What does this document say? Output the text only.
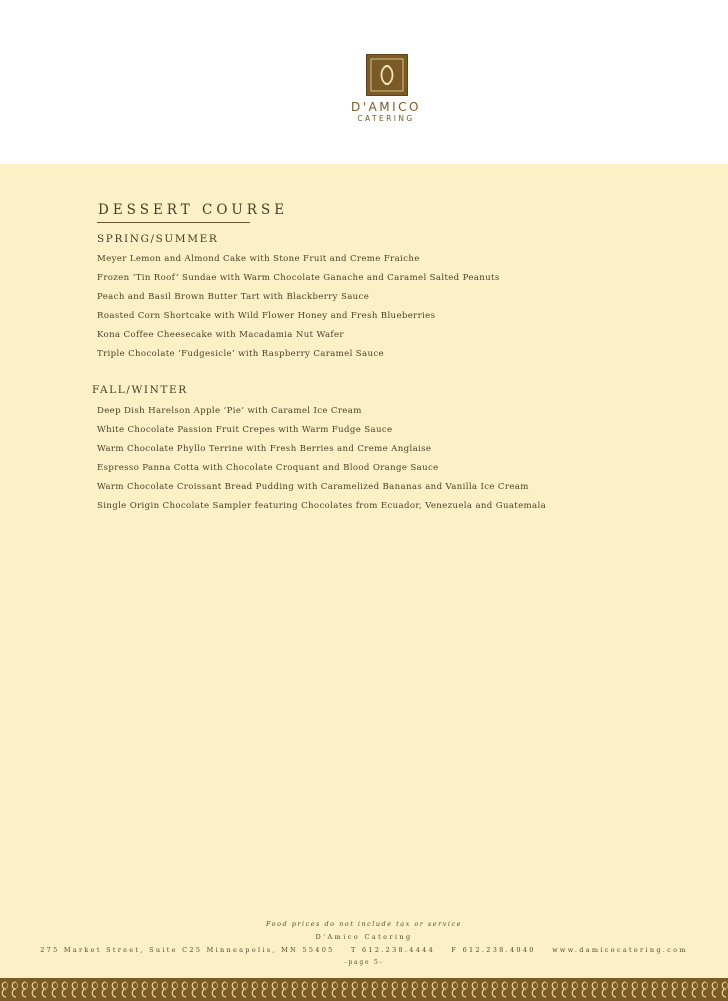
D'AMICO
CATERING
DESSERT COURSE
SPRING/SUMMER
Meyer Lemon and Almond Cake with Stone Fruit and Creme Fraiche
Frozen ‘Tin Roof’ Sundae with Warm Chocolate Ganache and Caramel Salted Peanuts
Peach and Basil Brown Butter Tart with Blackberry Sauce
Roasted Corn Shortcake with Wild Flower Honey and Fresh Blueberries
Kona Coffee Cheesecake with Macadamia Nut Wafer
Triple Chocolate ‘Fudgesicle’ with Raspberry Caramel Sauce
FALL/WINTER
Deep Dish Harelson Apple ‘Pie’ with Caramel Ice Cream
White Chocolate Passion Fruit Crepes with Warm Fudge Sauce
Warm Chocolate Phyllo Terrine with Fresh Berries and Creme Anglaise
Espresso Panna Cotta with Chocolate Croquant and Blood Orange Sauce
Warm Chocolate Croissant Bread Pudding with Caramelized Bananas and Vanilla Ice Cream
Single Origin Chocolate Sampler featuring Chocolates from Ecuador, Venezuela and Guatemala
Food prices do not include tax or service
D’Amico Catering
275 Market Street, Suite C25 Minneapolis, MN 55405	T 612.238.4444	F 612.238.4040	www.damicocatering.com
-page 5-
